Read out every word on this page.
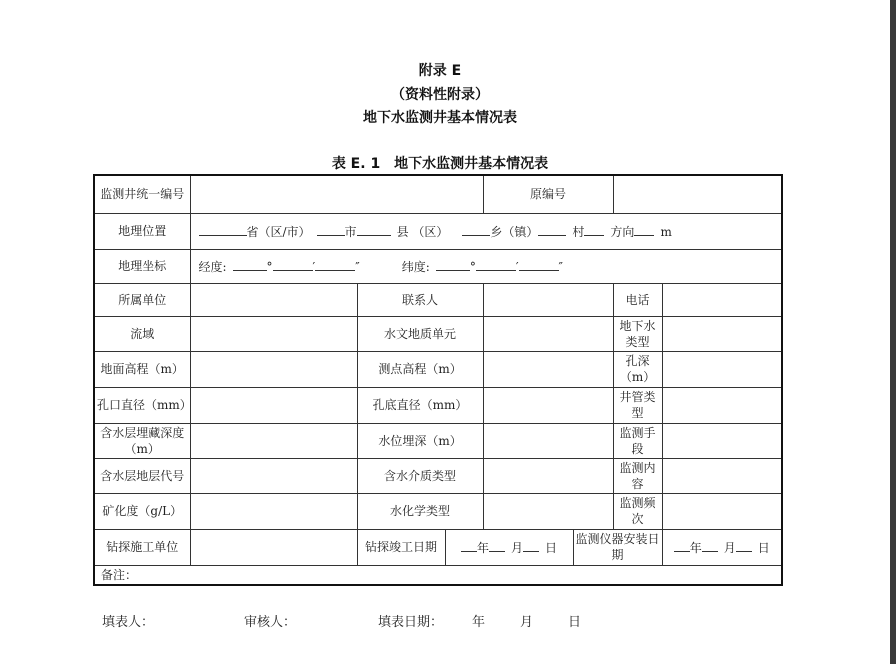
附录 E
（资料性附录）
地下水监测井基本情况表
表 E. 1　地下水监测井基本情况表
监测井统一编号				原编号			
地理位置	省（区/市） 市 县 （区） 乡（镇） 村 方向 m						
地理坐标	经度: ° ′ ″ 纬度: ° ′ ″						
所属单位		联系人				电话	
流域		水文地质单元				地下水类型	
地面高程（m）		测点高程（m）				孔深（m）	
孔口直径（mm）		孔底直径（mm）				井管类型	
含水层埋藏深度（m）		水位埋深（m）				监测手段	
含水层地层代号		含水介质类型				监测内容	
矿化度（g/L）		水化学类型				监测频次	
钻探施工单位		钻探竣工日期	年 月 日		监测仪器安装日期		年 月 日
备注：							
填表人：	审核人：	填表日期： 年	月	日
